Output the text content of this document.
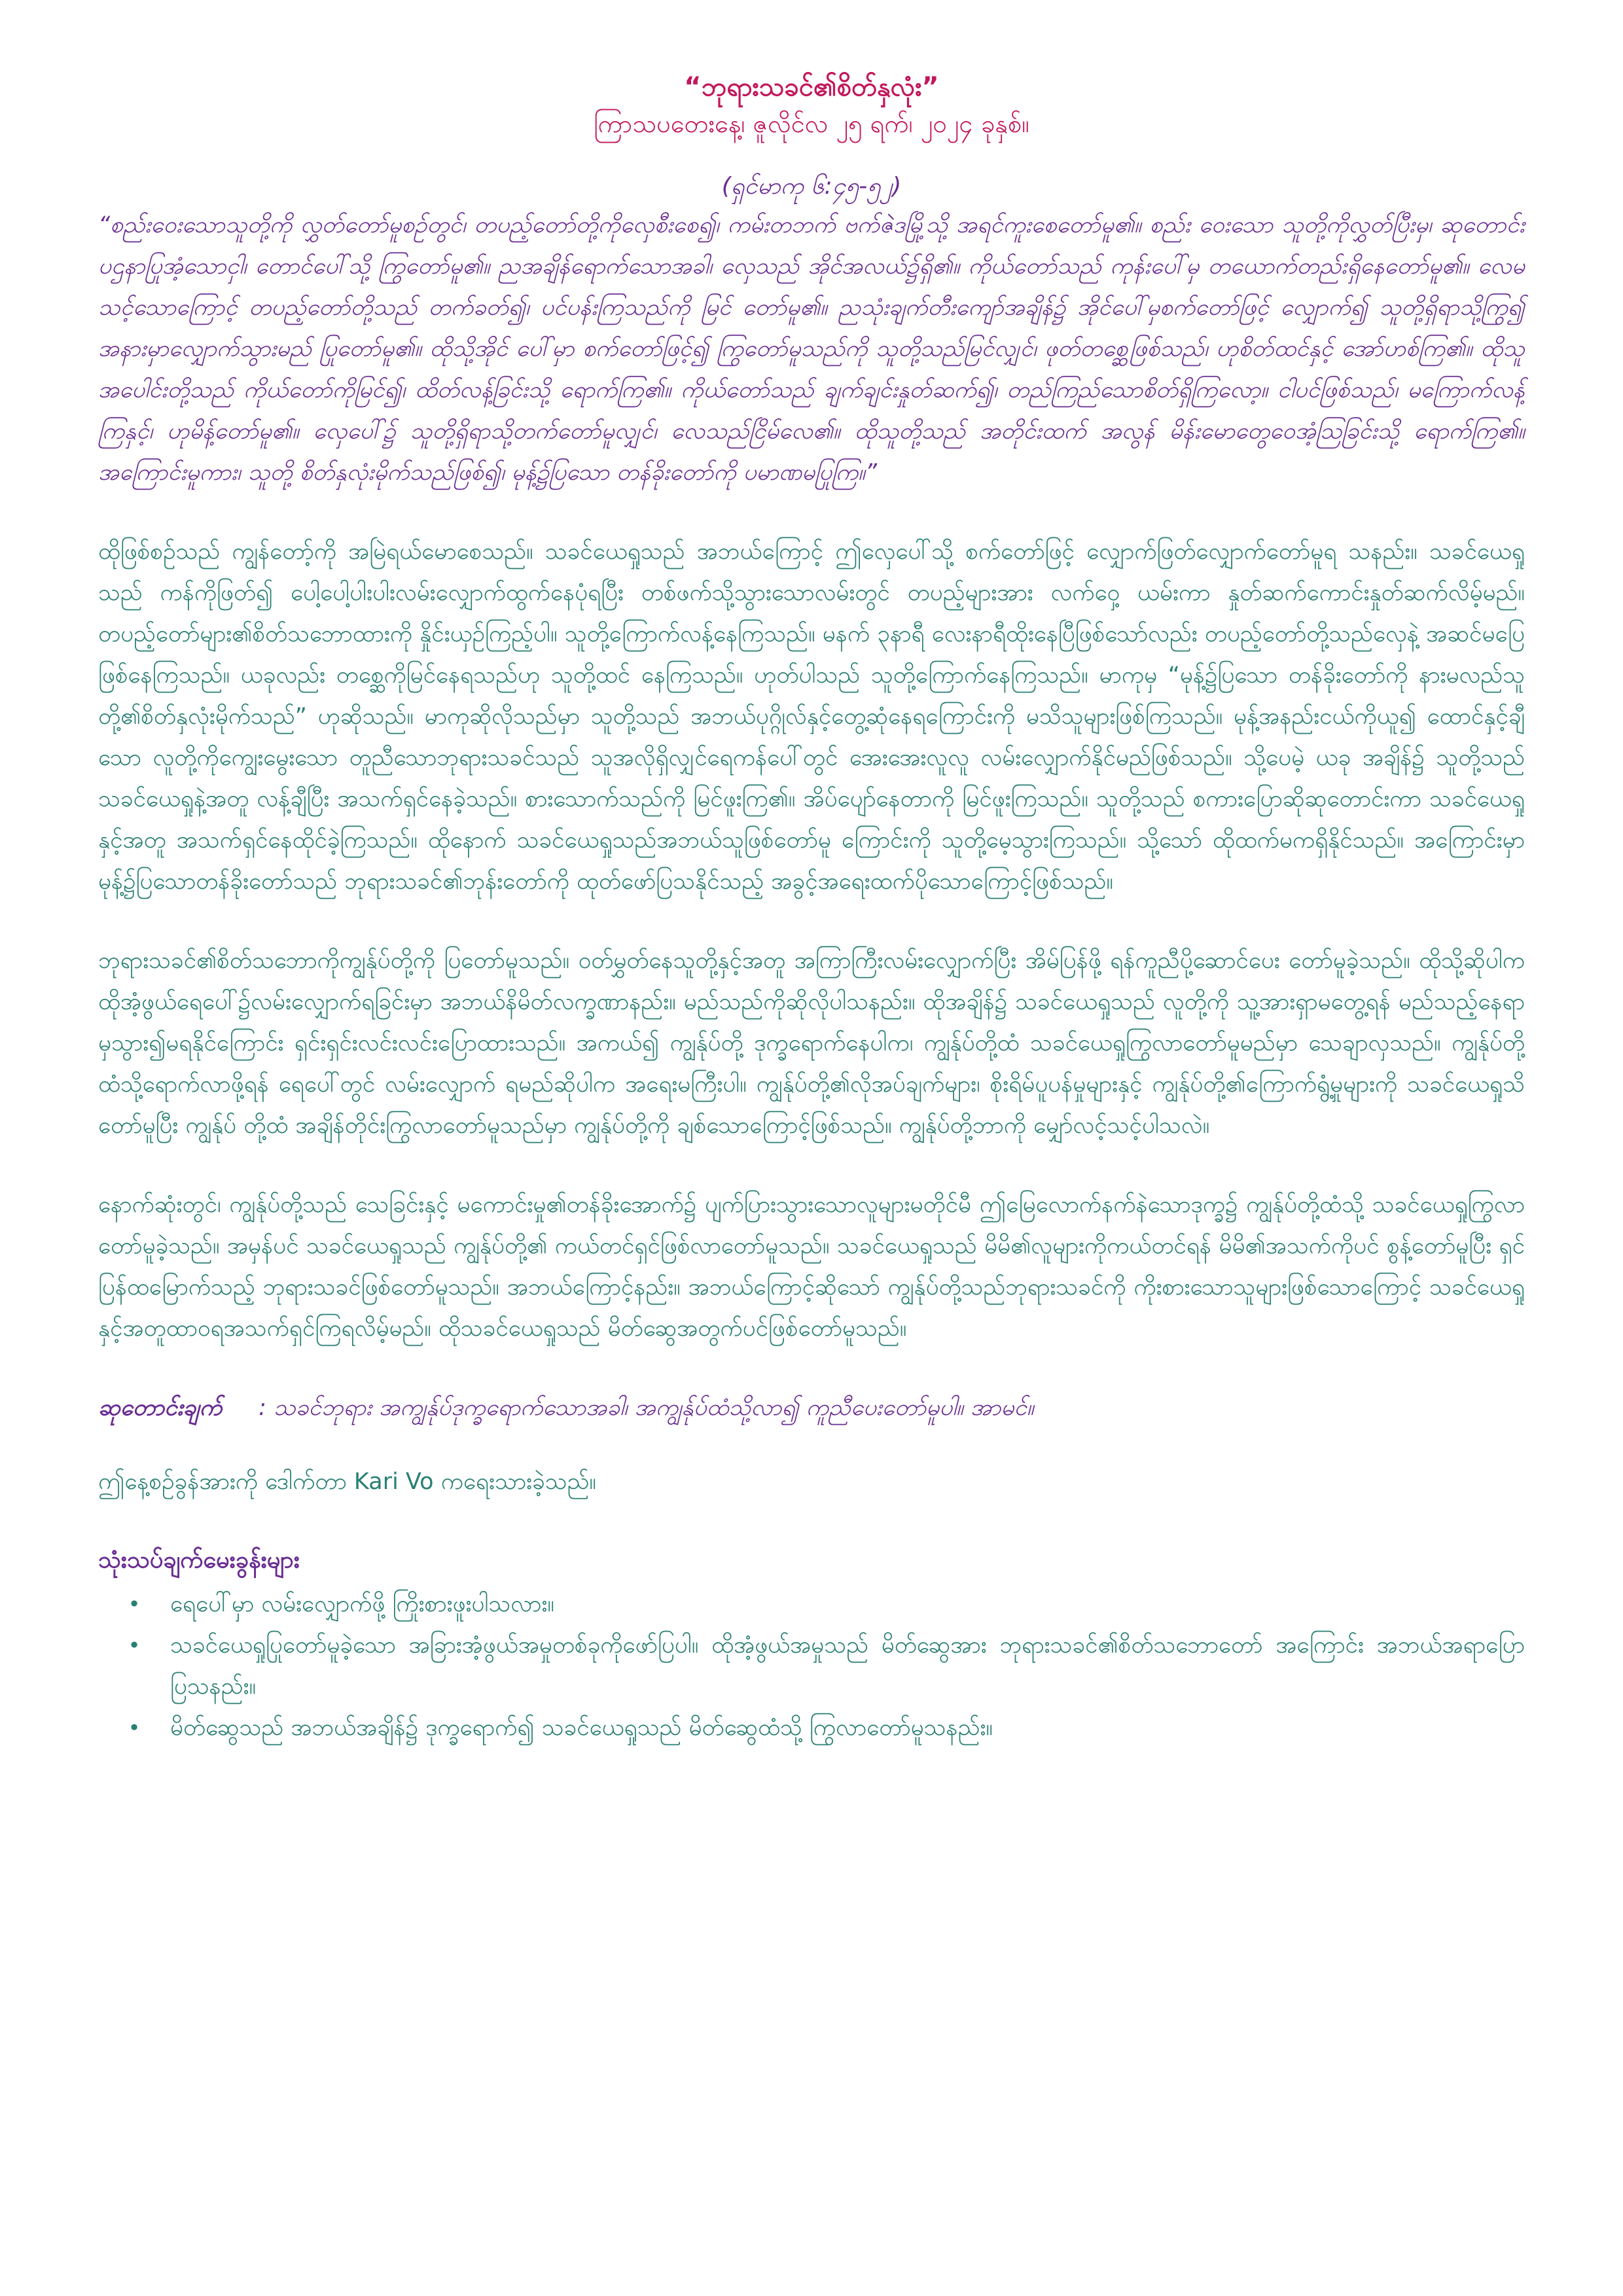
“ဘုရားသခင်၏စိတ်နှလုံး”

ကြာသပတေးနေ့၊ ဇူလိုင်လ ၂၅ ရက်၊ ၂၀၂၄ ခုနှစ်။

(ရှင်မာကု ၆:၄၅-၅၂)

“စည်းဝေးသောသူတို့ကို လွှတ်တော်မူစဉ်တွင်၊ တပည့်တော်တို့ကိုလှေစီးစေ၍၊ ကမ်းတဘက် ဗက်ဇဲဒမြို့သို့ အရင်ကူးစေတော်မူ၏။ စည်း ဝေးသော သူတို့ကိုလွှတ်ပြီးမှ၊ ဆုတောင်းပဌနာပြုအံ့သောငှါ၊ တောင်ပေါ်သို့ ကြွတော်မူ၏။ ညအချိန်ရောက်သောအခါ၊ လှေသည် အိုင်အလယ်၌ရှိ၏။ ကိုယ်တော်သည် ကုန်းပေါ်မှ တယောက်တည်းရှိနေတော်မူ၏။ လေမသင့်သောကြောင့် တပည့်တော်တို့သည် တက်ခတ်၍၊ ပင်ပန်းကြသည်ကို မြင် တော်မူ၏။ ညသုံးချက်တီးကျော်အချိန်၌ အိုင်ပေါ်မှစက်တော်ဖြင့် လျှောက်၍ သူတို့ရှိရာသို့ကြွ၍ အနားမှာလျှောက်သွားမည် ပြုတော်မူ၏။ ထိုသို့အိုင် ပေါ်မှာ စက်တော်ဖြင့်၍ ကြွတော်မူသည်ကို သူတို့သည်မြင်လျှင်၊ ဖုတ်တစ္ဆေဖြစ်သည်၊ ဟုစိတ်ထင်နှင့် အော်ဟစ်ကြ၏။ ထိုသူအပေါင်းတို့သည် ကိုယ်တော်ကိုမြင်၍၊ ထိတ်လန့်ခြင်းသို့ ရောက်ကြ၏။ ကိုယ်တော်သည် ချက်ချင်းနှုတ်ဆက်၍၊ တည်ကြည်သောစိတ်ရှိကြလော့။ ငါပင်ဖြစ်သည်၊ မကြောက်လန့်ကြနှင့်၊ ဟုမိန့်တော်မူ၏။ လှေပေါ်၌ သူတို့ရှိရာသို့တက်တော်မူလျှင်၊ လေသည်ငြိမ်လေ၏။ ထိုသူတို့သည် အတိုင်းထက် အလွန် မိန်းမောတွေဝေအံ့သြခြင်းသို့ ရောက်ကြ၏။ အကြောင်းမူကား၊ သူတို့ စိတ်နှလုံးမိုက်သည်ဖြစ်၍၊ မုန့်၌ပြသော တန်ခိုးတော်ကို ပမာဏမပြုကြ။”

ထိုဖြစ်စဉ်သည် ကျွန်တော့်ကို အမြဲရယ်မောစေသည်။ သခင်ယေရှုသည် အဘယ်ကြောင့် ဤလှေပေါ်သို့ စက်တော်ဖြင့် လျှောက်ဖြတ်လျှောက်တော်မူရ သနည်း။ သခင်ယေရှုသည် ကန်ကိုဖြတ်၍ ပေါ့ပေါ့ပါးပါးလမ်းလျှောက်ထွက်နေပုံရပြီး တစ်ဖက်သို့သွားသောလမ်းတွင် တပည့်များအား လက်ဝှေ့ ယမ်းကာ နှုတ်ဆက်ကောင်းနှုတ်ဆက်လိမ့်မည်။ တပည့်တော်များ၏စိတ်သဘောထားကို နှိုင်းယှဉ်ကြည့်ပါ။ သူတို့ကြောက်လန့်နေကြသည်။ မနက် ၃နာရီ လေးနာရီထိုးနေပြီဖြစ်သော်လည်း တပည့်တော်တို့သည်လှေနဲ့ အဆင်မပြေဖြစ်နေကြသည်။ ယခုလည်း တစ္ဆေကိုမြင်နေရသည်ဟု သူတို့ထင် နေကြသည်။ ဟုတ်ပါသည် သူတို့ကြောက်နေကြသည်။ မာကုမှ “မုန့်၌ပြသော တန်ခိုးတော်ကို နားမလည်သူတို့၏စိတ်နှလုံးမိုက်သည်” ဟုဆိုသည်။ မာကုဆိုလိုသည်မှာ သူတို့သည် အဘယ်ပုဂ္ဂိုလ်နှင့်တွေ့ဆုံနေရကြောင်းကို မသိသူများဖြစ်ကြသည်။ မုန့်အနည်းငယ်ကိုယူ၍ ထောင်နှင့်ချီသော လူတို့ကိုကျွေးမွေးသော တူညီသောဘုရားသခင်သည် သူအလိုရှိလျှင်ရေကန်ပေါ်တွင် အေးအေးလူလူ လမ်းလျှောက်နိုင်မည်ဖြစ်သည်။ သို့ပေမဲ့ ယခု အချိန်၌ သူတို့သည် သခင်ယေရှုနဲ့အတူ လန့်ချီပြီး အသက်ရှင်နေခဲ့သည်။ စားသောက်သည်ကို မြင်ဖူးကြ၏။ အိပ်ပျော်နေတာကို မြင်ဖူးကြသည်။ သူတို့သည် စကားပြောဆိုဆုတောင်းကာ သခင်ယေရှုနှင့်အတူ အသက်ရှင်နေထိုင်ခဲ့ကြသည်။ ထိုနောက် သခင်ယေရှုသည်အဘယ်သူဖြစ်တော်မူ ကြောင်းကို သူတို့မေ့သွားကြသည်။ သို့သော် ထိုထက်မကရှိနိုင်သည်။ အကြောင်းမှာမုန့်၌ပြသောတန်ခိုးတော်သည် ဘုရားသခင်၏ဘုန်းတော်ကို ထုတ်ဖော်ပြသနိုင်သည့် အခွင့်အရေးထက်ပိုသောကြောင့်ဖြစ်သည်။

ဘုရားသခင်၏စိတ်သဘောကိုကျွန်ုပ်တို့ကို ပြတော်မူသည်။ ဝတ်မွှတ်နေသူတို့နှင့်အတူ အကြာကြီးလမ်းလျှောက်ပြီး အိမ်ပြန်ဖို့ ရန်ကူညီပို့ဆောင်ပေး တော်မူခဲ့သည်။ ထိုသို့ဆိုပါက ထိုအံ့ဖွယ်ရေပေါ်၌လမ်းလျှောက်ရခြင်းမှာ အဘယ်နိမိတ်လက္ခဏာနည်း။ မည်သည်ကိုဆိုလိုပါသနည်း။ ထိုအချိန်၌ သခင်ယေရှုသည် လူတို့ကို သူ့အားရှာမတွေ့ရန် မည်သည့်နေရာမှသွား၍မရနိုင်ကြောင်း ရှင်းရှင်းလင်းလင်းပြောထားသည်။ အကယ်၍ ကျွန်ုပ်တို့ ဒုက္ခရောက်နေပါက၊ ကျွန်ုပ်တို့ထံ သခင်ယေရှုကြွလာတော်မူမည်မှာ သေချာလှသည်။ ကျွန်ုပ်တို့ထံသို့ရောက်လာဖို့ရန် ရေပေါ်တွင် လမ်းလျှောက် ရမည်ဆိုပါက အရေးမကြီးပါ။ ကျွန်ုပ်တို့၏လိုအပ်ချက်များ၊ စိုးရိမ်ပူပန်မှုများနှင့် ကျွန်ုပ်တို့၏ကြောက်ရွံ့မှုများကို သခင်ယေရှုသိတော်မူပြီး ကျွန်ုပ် တို့ထံ အချိန်တိုင်းကြွလာတော်မူသည်မှာ ကျွန်ုပ်တို့ကို ချစ်သောကြောင့်ဖြစ်သည်။ ကျွန်ုပ်တို့ဘာကို မျှော်လင့်သင့်ပါသလဲ။

နောက်ဆုံးတွင်၊ ကျွန်ုပ်တို့သည် သေခြင်းနှင့် မကောင်းမှု၏တန်ခိုးအောက်၌ ပျက်ပြားသွားသောလူများမတိုင်မီ ဤမြေလောက်နက်နဲသောဒုက္ခ၌ ကျွန်ုပ်တို့ထံသို့ သခင်ယေရှုကြွလာတော်မူခဲ့သည်။ အမှန်ပင် သခင်ယေရှုသည် ကျွန်ုပ်တို့၏ ကယ်တင်ရှင်ဖြစ်လာတော်မူသည်။ သခင်ယေရှုသည် မိမိ၏လူများကိုကယ်တင်ရန် မိမိ၏အသက်ကိုပင် စွန့်တော်မူပြီး ရှင်ပြန်ထမြောက်သည့် ဘုရားသခင်ဖြစ်တော်မူသည်။ အဘယ်ကြောင့်နည်း။ အဘယ်ကြောင့်ဆိုသော် ကျွန်ုပ်တို့သည်ဘုရားသခင်ကို ကိုးစားသောသူများဖြစ်သောကြောင့် သခင်ယေရှုနှင့်အတူထာဝရအသက်ရှင်ကြရလိမ့်မည်။ ထိုသခင်ယေရှုသည် မိတ်ဆွေအတွက်ပင်ဖြစ်တော်မူသည်။

ဆုတောင်းချက် : သခင်ဘုရား အကျွန်ုပ်ဒုက္ခရောက်သောအခါ၊ အကျွန်ုပ်ထံသို့လာ၍ ကူညီပေးတော်မူပါ။ အာမင်။

ဤနေ့စဉ်ခွန်အားကို ဒေါက်တာ Kari Vo ကရေးသားခဲ့သည်။

သုံးသပ်ချက်မေးခွန်းများ

•	ရေပေါ်မှာ လမ်းလျှောက်ဖို့ ကြိုးစားဖူးပါသလား။
•	သခင်ယေရှုပြုတော်မူခဲ့သော အခြားအံ့ဖွယ်အမှုတစ်ခုကိုဖော်ပြပါ။ ထိုအံ့ဖွယ်အမှုသည် မိတ်ဆွေအား ဘုရားသခင်၏စိတ်သဘောတော် အကြောင်း အဘယ်အရာပြောပြသနည်း။
•	မိတ်ဆွေသည် အဘယ်အချိန်၌ ဒုက္ခရောက်၍ သခင်ယေရှုသည် မိတ်ဆွေထံသို့ ကြွလာတော်မူသနည်း။
